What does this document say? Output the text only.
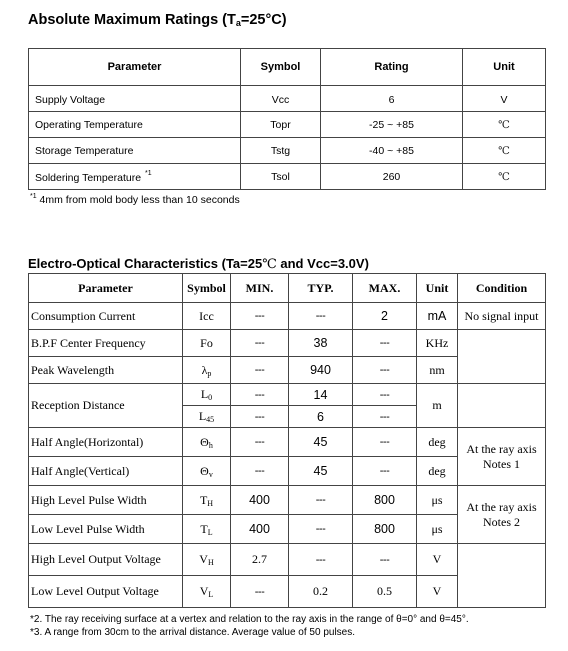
Absolute Maximum Ratings $(T_a=25^\circ C)$
Parameter	Symbol	Rating	Unit
Supply Voltage	Vcc	6	V
Operating Temperature	Topr	-25 ~ +85	℃
Storage Temperature	Tstg	-40 ~ +85	℃
Soldering Temperature $^{*1}$	Tsol	260	℃
$^{*1}$ 4mm from mold body less than 10 seconds
Electro-Optical Characteristics (Ta=25℃ and Vcc=3.0V)
Parameter	Symbol	MIN.	TYP.	MAX.	Unit	Condition
Consumption Current	Icc	---	---	2	mA	No signal input
B.P.F Center Frequency	Fo	---	38	---	KHz	
Peak Wavelength	λp	---	940	---	nm	
Reception Distance	L0	---	14	---	m	
	L45	---	6	---		
Half Angle(Horizontal)	Θh	---	45	---	deg	At the ray axis Notes 1
Half Angle(Vertical)	Θv	---	45	---	deg	
High Level Pulse Width	TH	400	---	800	μs	At the ray axis Notes 2
Low Level Pulse Width	TL	400	---	800	μs	
High Level Output Voltage	VH	2.7	---	---	V	
Low Level Output Voltage	VL	---	0.2	0.5	V	
*2. The ray receiving surface at a vertex and relation to the ray axis in the range of θ=0° and θ=45°.
*3. A range from 30cm to the arrival distance. Average value of 50 pulses.
